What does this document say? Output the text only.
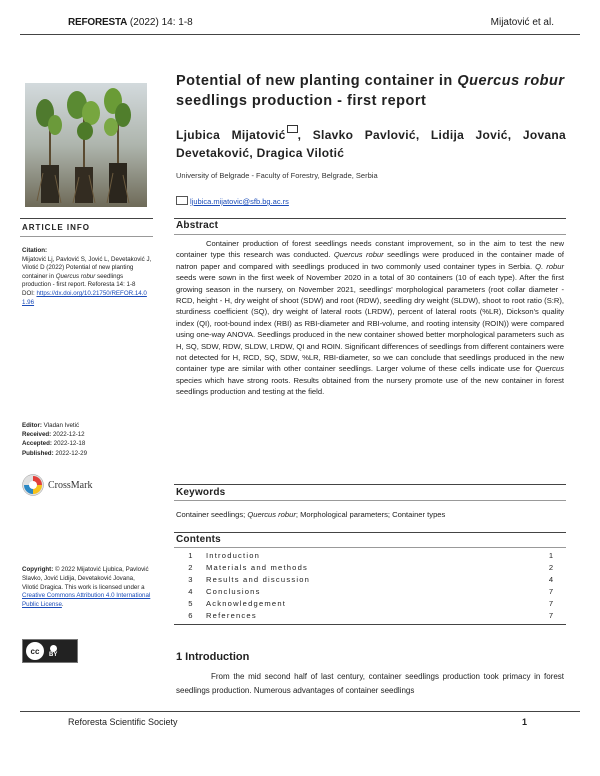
REFORESTA (2022) 14: 1-8	Mijatović et al.
Potential of new planting container in Quercus robur seedlings production - first report
Ljubica Mijatović , Slavko Pavlović, Lidija Jović, Jovana Devetaković, Dragica Vilotić
University of Belgrade - Faculty of Forestry, Belgrade, Serbia
ljubica.mijatovic@sfb.bg.ac.rs
ARTICLE INFO
Citation:
Mijatović Lj, Pavlović S, Jović L, Devetaković J, Vilotić D (2022) Potential of new planting container in Quercus robur seedlings production - first report. Reforesta 14: 1-8
DOI: https://dx.doi.org/10.21750/REFOR.14.01.96
Editor: Vladan Ivetić
Received: 2022-12-12
Accepted: 2022-12-18
Published: 2022-12-29
CrossMark
Copyright: © 2022 Mijatović Ljubica, Pavlović Slavko, Jović Lidija, Devetaković Jovana, Vilotić Dragica. This work is licensed under a Creative Commons Attribution 4.0 International Public License.
cc	BY
Abstract

Container production of forest seedlings needs constant improvement, so in the aim to test the new container type this research was conducted. Quercus robur seedlings were produced in the container made of natron paper and compared with seedlings produced in two commonly used container types in Serbia. Q. robur seeds were sown in the first week of November 2020 in a total of 30 containers (10 of each type). After the first growing season in the nursery, on November 2021, seedlings' morphological parameters (root collar diameter - RCD, height - H, dry weight of shoot (SDW) and root (RDW), seedling dry weight (SLDW), shoot to root ratio (S:R), sturdiness coefficient (SQ), dry weight of lateral roots (LRDW), percent of lateral roots (%LR), Dickson's quality index (QI), root-bound index (RBI) as RBI-diameter and RBI-volume, and rooting intensity (ROIN)) were compared using one-way ANOVA. Seedlings produced in the new container showed better morphological parameters such as H, SQ, SDW, RDW, SLDW, LRDW, QI and ROIN. Significant differences of seedlings from different containers were not detected for H, RCD, SQ, SDW, %LR, RBI-diameter, so we can conclude that seedlings produced in the new container type are similar with other container seedlings. Larger volume of these cells indicate use for Quercus species which have strong roots. Results obtained from the nursery promote use of the new container in forest seedlings production and testing at the field.

Keywords
Container seedlings; Quercus robur; Morphological parameters; Container types
Contents
1	Introduction	1
2	Materials and methods	2
3	Results and discussion	4
4	Conclusions	7
5	Acknowledgement	7
6	References	7
1 Introduction

From the mid second half of last century, container seedlings production took primacy in forest seedlings production. Numerous advantages of container seedlings

Reforesta Scientific Society	1
